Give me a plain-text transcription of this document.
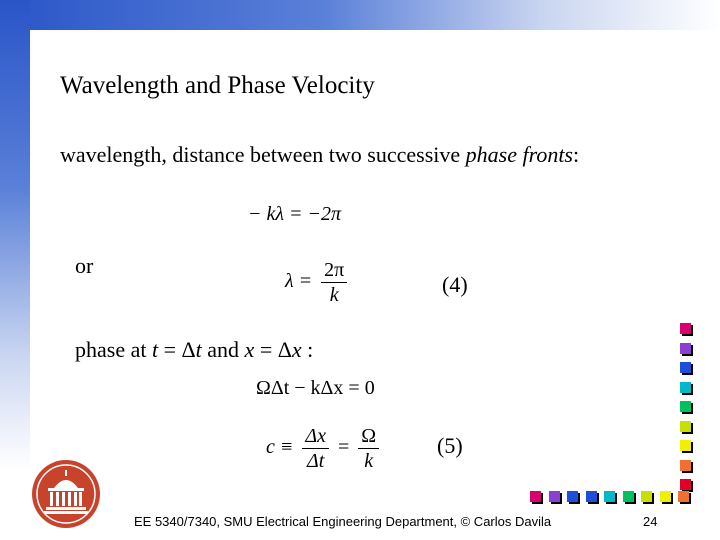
Wavelength and Phase Velocity
wavelength, distance between two successive phase fronts:
− kλ = −2π
or
$\lambda = \frac{2\pi}{k}$	(4)
phase at t = Δt and x = Δx :
ΩΔt − kΔx = 0
$c \equiv \frac{\Delta x}{\Delta t} = \frac{\Omega}{k}$	(5)
EE 5340/7340, SMU Electrical Engineering Department, © Carlos Davila	24
